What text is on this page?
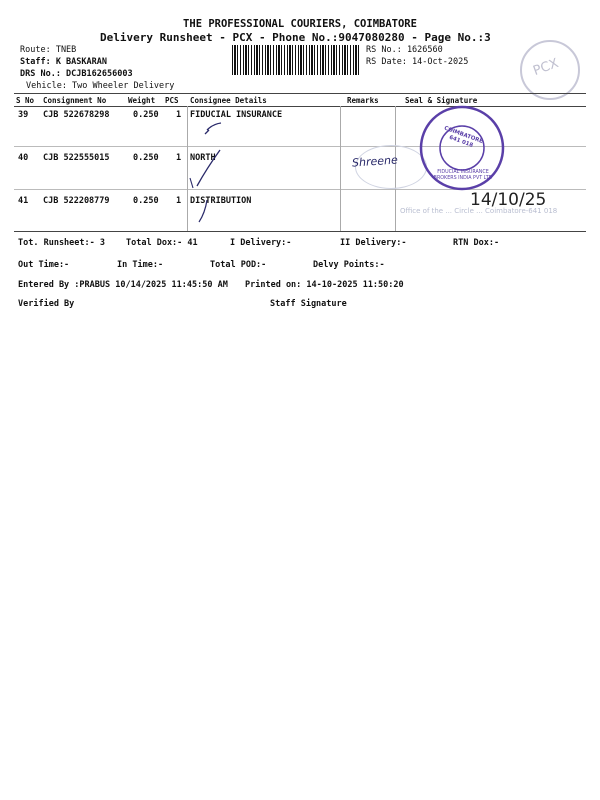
THE PROFESSIONAL COURIERS, COIMBATORE
Delivery Runsheet - PCX - Phone No.:9047080280 - Page No.:3
Route: TNEB
Staff: K BASKARAN
DRS No.: DCJB162656003
Vehicle: Two Wheeler Delivery
RS No.: 1626560
RS Date: 14-Oct-2025	PCX
S No Consignment No	Weight PCS Consignee Details	Remarks	Seal & Signature
39 CJB 522678298	0.250 1 FIDUCIAL INSURANCE
40 CJB 522555015	0.250 1 NORTH
41 CJB 522208779	0.250 1 DISTRIBUTION
Office of the ... Circle ... Coimbatore-641 018
Shreene
FIDUCIAL INSURANCE BROKERS INDIA PVT LTD
COIMBATORE 641 018
14/10/25
Tot. Runsheet:- 3 Total Dox:- 41	I Delivery:-	II Delivery:-	RTN Dox:-
Out Time:-	In Time:-	Total POD:-	Delvy Points:-
Entered By :PRABUS 10/14/2025 11:45:50 AM Printed on: 14-10-2025 11:50:20
Verified By	Staff Signature
